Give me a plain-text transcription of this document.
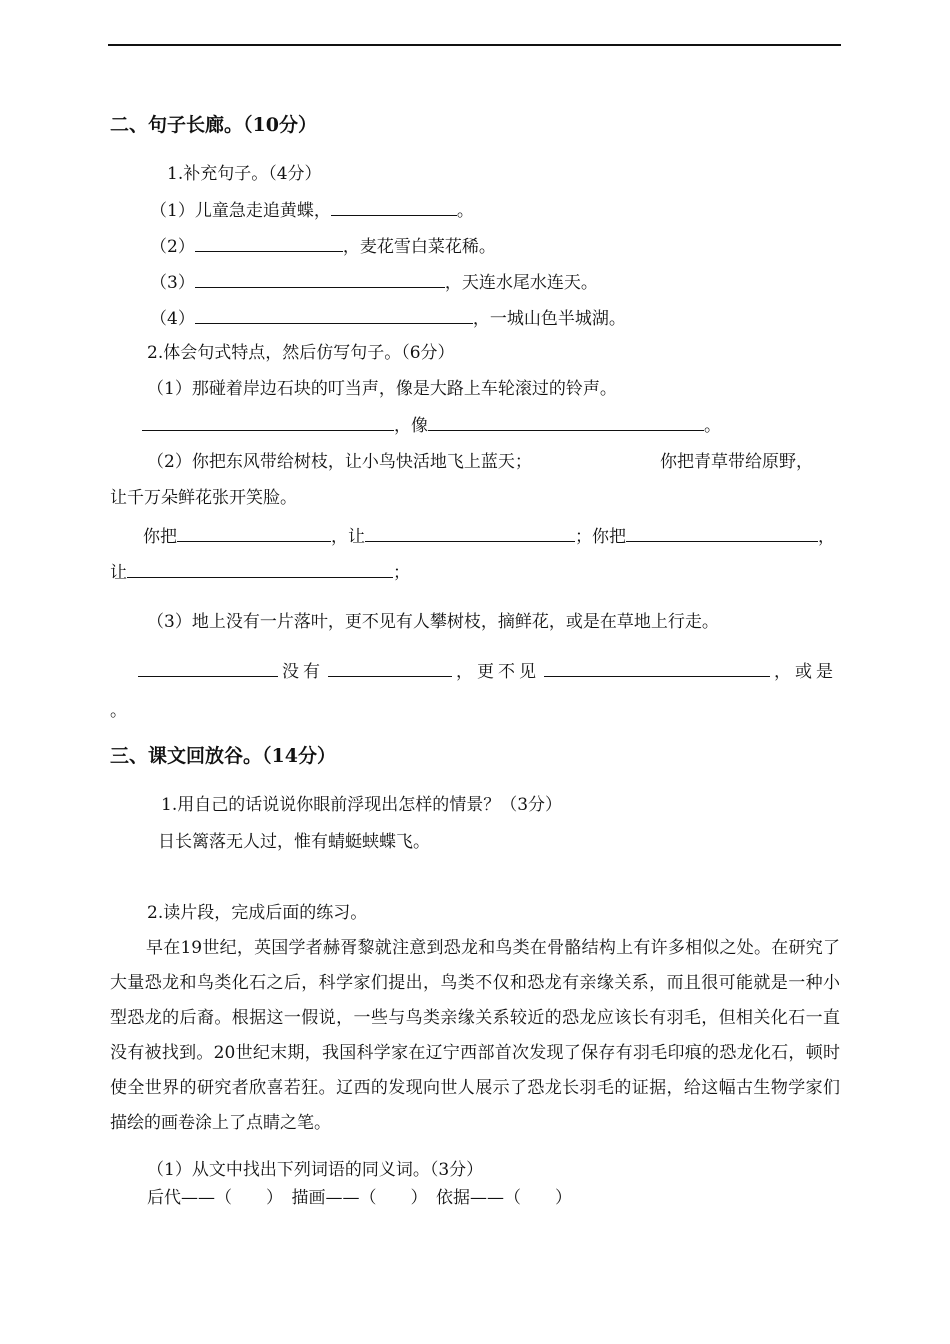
二、句子长廊。（10分）
1.补充句子。（4分）
（1）儿童急走追黄蝶，	。
（2）	，麦花雪白菜花稀。
（3）	，天连水尾水连天。
（4）	，一城山色半城湖。
2.体会句式特点，然后仿写句子。（6分）
（1）那碰着岸边石块的叮当声，像是大路上车轮滚过的铃声。
，像	。
（2）你把东风带给树枝，让小鸟快活地飞上蓝天；	你把青草带给原野，
让千万朵鲜花张开笑脸。
你把	，让	；你把	，
让	；
（3）地上没有一片落叶，更不见有人攀树枝，摘鲜花，或是在草地上行走。
没有	，更不见	，或是
。
三、课文回放谷。（14分）
1.用自己的话说说你眼前浮现出怎样的情景？（3分）
日长篱落无人过，惟有蜻蜓蛱蝶飞。
2.读片段，完成后面的练习。
早在19世纪，英国学者赫胥黎就注意到恐龙和鸟类在骨骼结构上有许多相似之处。在研究了大量恐龙和鸟类化石之后，科学家们提出，鸟类不仅和恐龙有亲缘关系，而且很可能就是一种小型恐龙的后裔。根据这一假说，一些与鸟类亲缘关系较近的恐龙应该长有羽毛，但相关化石一直没有被找到。20世纪末期，我国科学家在辽宁西部首次发现了保存有羽毛印痕的恐龙化石，顿时使全世界的研究者欣喜若狂。辽西的发现向世人展示了恐龙长羽毛的证据，给这幅古生物学家们描绘的画卷涂上了点睛之笔。
（1）从文中找出下列词语的同义词。（3分）
后代——（　　）　描画——（　　）　依据——（　　）
